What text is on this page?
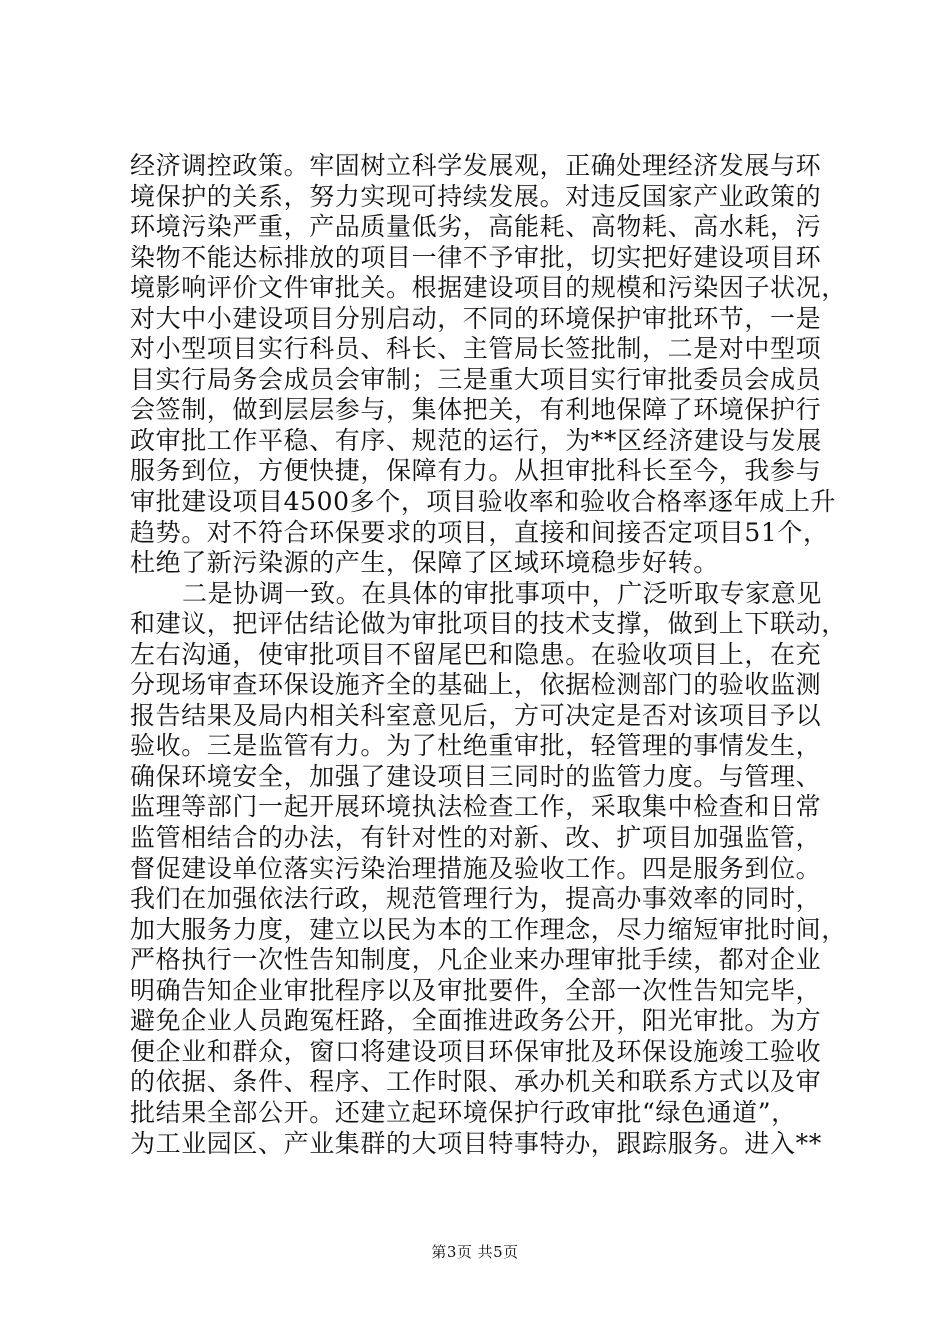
经济调控政策。牢固树立科学发展观，正确处理经济发展与环
境保护的关系，努力实现可持续发展。对违反国家产业政策的
环境污染严重，产品质量低劣，高能耗、高物耗、高水耗，污
染物不能达标排放的项目一律不予审批，切实把好建设项目环
境影响评价文件审批关。根据建设项目的规模和污染因子状况，
对大中小建设项目分别启动，不同的环境保护审批环节，一是
对小型项目实行科员、科长、主管局长签批制，二是对中型项
目实行局务会成员会审制；三是重大项目实行审批委员会成员
会签制，做到层层参与，集体把关，有利地保障了环境保护行
政审批工作平稳、有序、规范的运行，为**区经济建设与发展
服务到位，方便快捷，保障有力。从担审批科长至今，我参与
审批建设项目4500多个，项目验收率和验收合格率逐年成上升
趋势。对不符合环保要求的项目，直接和间接否定项目51个，
杜绝了新污染源的产生，保障了区域环境稳步好转。
二是协调一致。在具体的审批事项中，广泛听取专家意见
和建议，把评估结论做为审批项目的技术支撑，做到上下联动，
左右沟通，使审批项目不留尾巴和隐患。在验收项目上，在充
分现场审查环保设施齐全的基础上，依据检测部门的验收监测
报告结果及局内相关科室意见后，方可决定是否对该项目予以
验收。三是监管有力。为了杜绝重审批，轻管理的事情发生，
确保环境安全，加强了建设项目三同时的监管力度。与管理、
监理等部门一起开展环境执法检查工作，采取集中检查和日常
监管相结合的办法，有针对性的对新、改、扩项目加强监管，
督促建设单位落实污染治理措施及验收工作。四是服务到位。
我们在加强依法行政，规范管理行为，提高办事效率的同时，
加大服务力度，建立以民为本的工作理念，尽力缩短审批时间，
严格执行一次性告知制度，凡企业来办理审批手续，都对企业
明确告知企业审批程序以及审批要件，全部一次性告知完毕，
避免企业人员跑冤枉路，全面推进政务公开，阳光审批。为方
便企业和群众，窗口将建设项目环保审批及环保设施竣工验收
的依据、条件、程序、工作时限、承办机关和联系方式以及审
批结果全部公开。还建立起环境保护行政审批“绿色通道”，
为工业园区、产业集群的大项目特事特办，跟踪服务。进入**
第3页 共5页
